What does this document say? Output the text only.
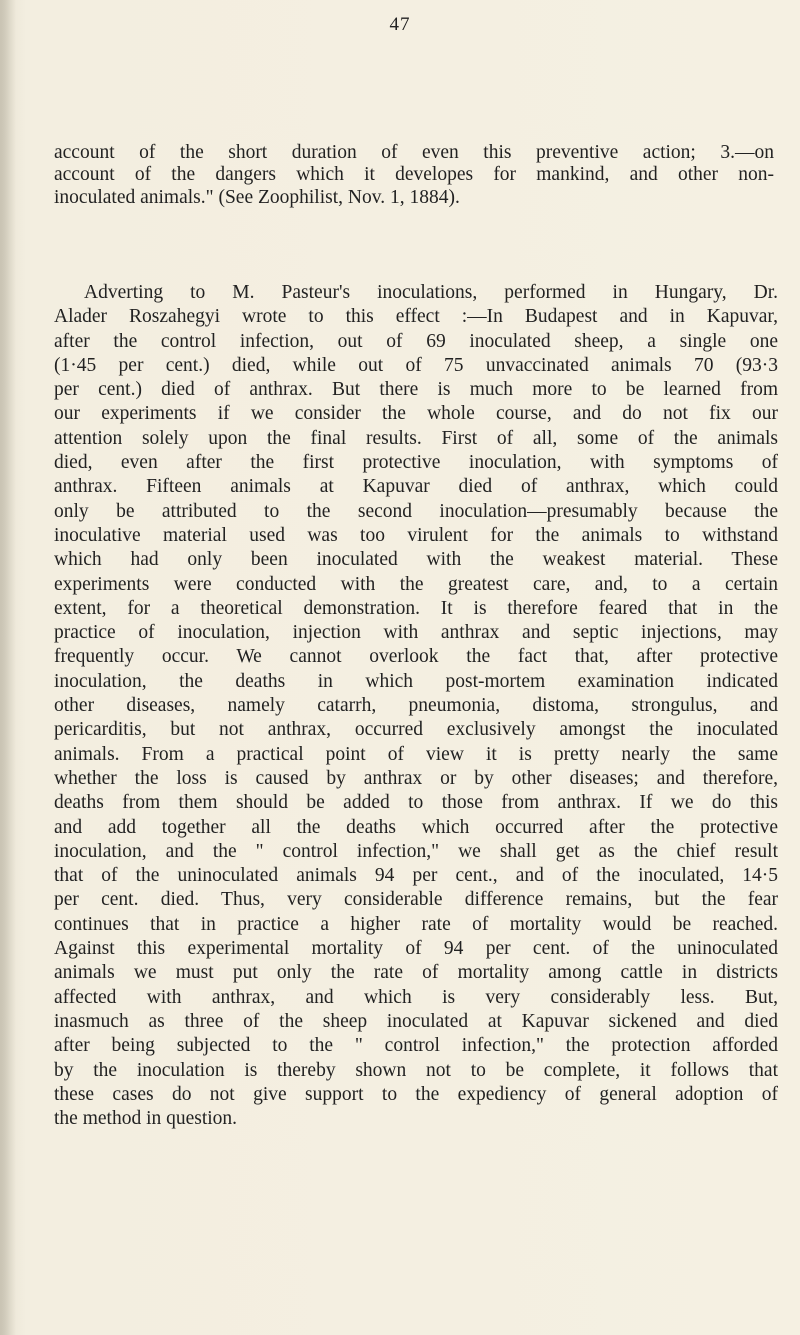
47

account of the short duration of even this preventive action; 3.—on
account of the dangers which it developes for mankind, and other non-
inoculated animals." (See Zoophilist, Nov. 1, 1884).

Adverting to M. Pasteur's inoculations, performed in Hungary, Dr.
Alader Roszahegyi wrote to this effect :—In Budapest and in Kapuvar,
after the control infection, out of 69 inoculated sheep, a single one
(1·45 per cent.) died, while out of 75 unvaccinated animals 70 (93·3
per cent.) died of anthrax. But there is much more to be learned from
our experiments if we consider the whole course, and do not fix our
attention solely upon the final results. First of all, some of the animals
died, even after the first protective inoculation, with symptoms of
anthrax. Fifteen animals at Kapuvar died of anthrax, which could
only be attributed to the second inoculation—presumably because the
inoculative material used was too virulent for the animals to withstand
which had only been inoculated with the weakest material. These
experiments were conducted with the greatest care, and, to a certain
extent, for a theoretical demonstration. It is therefore feared that in the
practice of inoculation, injection with anthrax and septic injections, may
frequently occur. We cannot overlook the fact that, after protective
inoculation, the deaths in which post-mortem examination indicated
other diseases, namely catarrh, pneumonia, distoma, strongulus, and
pericarditis, but not anthrax, occurred exclusively amongst the inoculated
animals. From a practical point of view it is pretty nearly the same
whether the loss is caused by anthrax or by other diseases; and therefore,
deaths from them should be added to those from anthrax. If we do this
and add together all the deaths which occurred after the protective
inoculation, and the " control infection," we shall get as the chief result
that of the uninoculated animals 94 per cent., and of the inoculated, 14·5
per cent. died. Thus, very considerable difference remains, but the fear
continues that in practice a higher rate of mortality would be reached.
Against this experimental mortality of 94 per cent. of the uninoculated
animals we must put only the rate of mortality among cattle in districts
affected with anthrax, and which is very considerably less. But,
inasmuch as three of the sheep inoculated at Kapuvar sickened and died
after being subjected to the " control infection," the protection afforded
by the inoculation is thereby shown not to be complete, it follows that
these cases do not give support to the expediency of general adoption of
the method in question.
